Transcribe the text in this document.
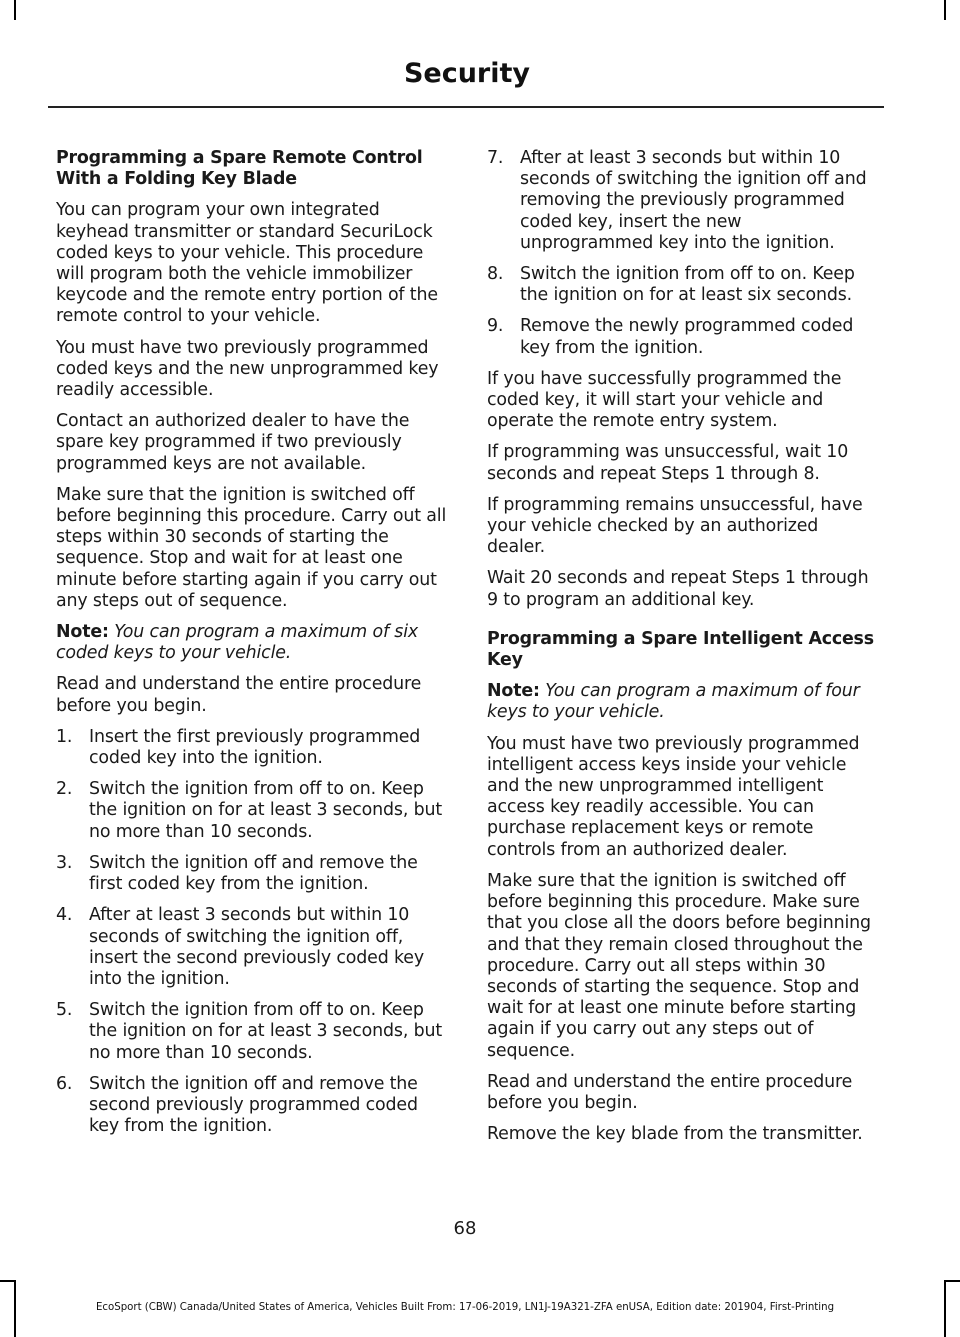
Security
Programming a Spare Remote Control With a Folding Key Blade

You can program your own integrated keyhead transmitter or standard SecuriLock coded keys to your vehicle. This procedure will program both the vehicle immobilizer keycode and the remote entry portion of the remote control to your vehicle.

You must have two previously programmed coded keys and the new unprogrammed key readily accessible.

Contact an authorized dealer to have the spare key programmed if two previously programmed keys are not available.

Make sure that the ignition is switched off before beginning this procedure. Carry out all steps within 30 seconds of starting the sequence. Stop and wait for at least one minute before starting again if you carry out any steps out of sequence.

Note: You can program a maximum of six coded keys to your vehicle.

Read and understand the entire procedure before you begin.

1. Insert the first previously programmed coded key into the ignition.
2. Switch the ignition from off to on. Keep the ignition on for at least 3 seconds, but no more than 10 seconds.
3. Switch the ignition off and remove the first coded key from the ignition.
4. After at least 3 seconds but within 10 seconds of switching the ignition off, insert the second previously coded key into the ignition.
5. Switch the ignition from off to on. Keep the ignition on for at least 3 seconds, but no more than 10 seconds.
6. Switch the ignition off and remove the second previously programmed coded key from the ignition.
7. After at least 3 seconds but within 10 seconds of switching the ignition off and removing the previously programmed coded key, insert the new unprogrammed key into the ignition.
8. Switch the ignition from off to on. Keep the ignition on for at least six seconds.
9. Remove the newly programmed coded key from the ignition.

If you have successfully programmed the coded key, it will start your vehicle and operate the remote entry system.

If programming was unsuccessful, wait 10 seconds and repeat Steps 1 through 8.

If programming remains unsuccessful, have your vehicle checked by an authorized dealer.

Wait 20 seconds and repeat Steps 1 through 9 to program an additional key.

Programming a Spare Intelligent Access Key

Note: You can program a maximum of four keys to your vehicle.

You must have two previously programmed intelligent access keys inside your vehicle and the new unprogrammed intelligent access key readily accessible. You can purchase replacement keys or remote controls from an authorized dealer.

Make sure that the ignition is switched off before beginning this procedure. Make sure that you close all the doors before beginning and that they remain closed throughout the procedure. Carry out all steps within 30 seconds of starting the sequence. Stop and wait for at least one minute before starting again if you carry out any steps out of sequence.

Read and understand the entire procedure before you begin.

Remove the key blade from the transmitter.

68
EcoSport (CBW) Canada/United States of America, Vehicles Built From: 17-06-2019, LN1J-19A321-ZFA enUSA, Edition date: 201904, First-Printing
